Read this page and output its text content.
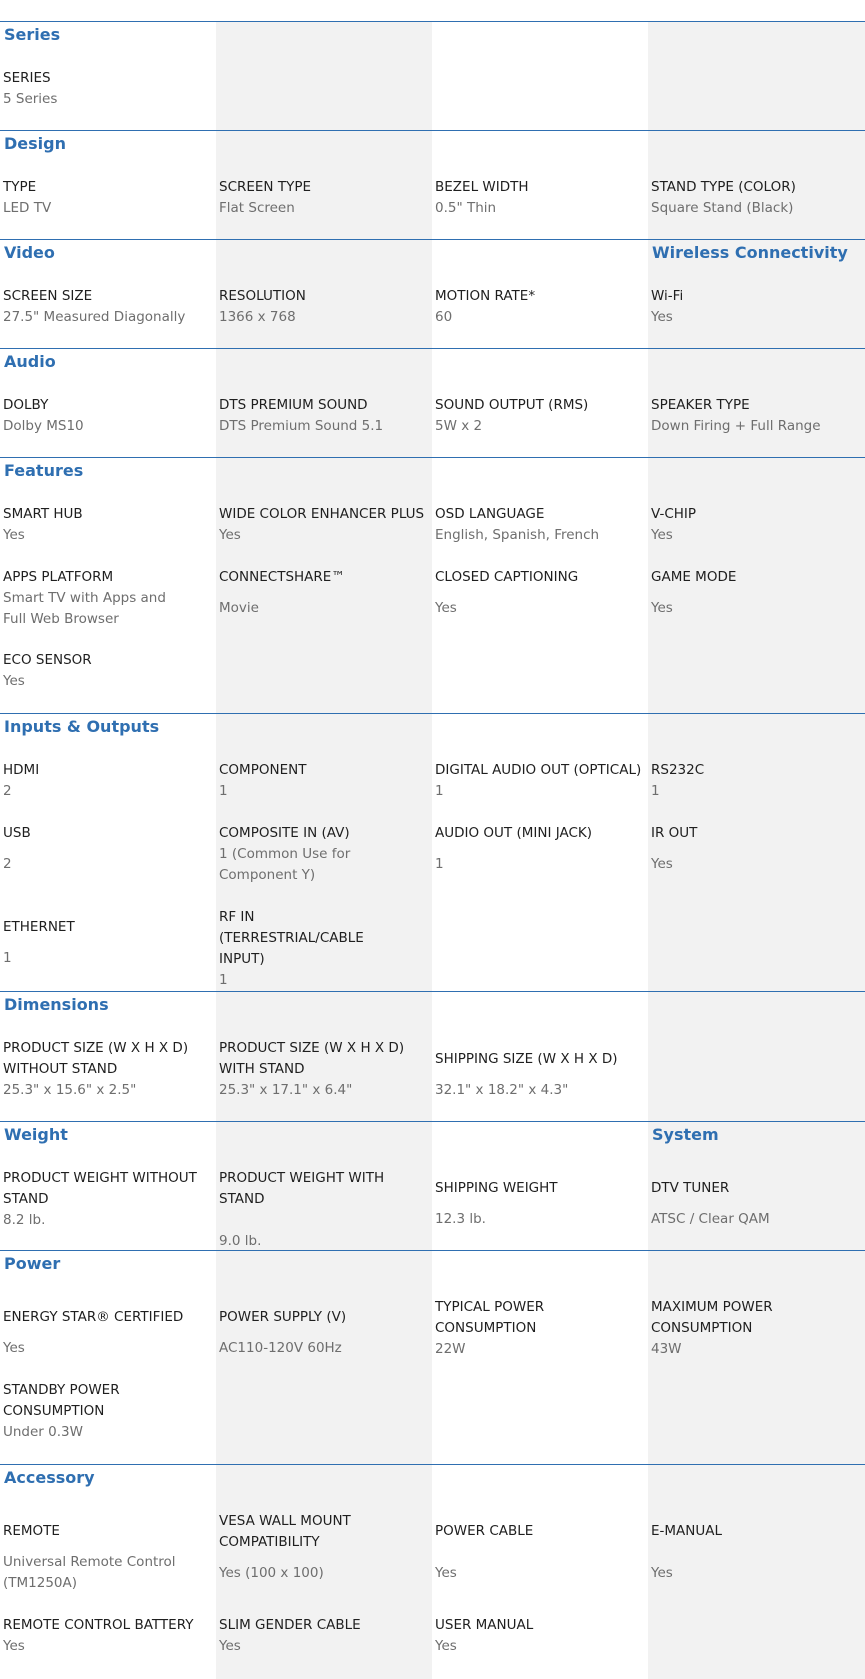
Series
SERIES
5 Series
Design
TYPE
LED TV
SCREEN TYPE
Flat Screen
BEZEL WIDTH
0.5" Thin
STAND TYPE (COLOR)
Square Stand (Black)
Video	Wireless Connectivity
SCREEN SIZE
27.5" Measured Diagonally
RESOLUTION
1366 x 768
MOTION RATE*
60
Wi-Fi
Yes
Audio
DOLBY
Dolby MS10
DTS PREMIUM SOUND
DTS Premium Sound 5.1
SOUND OUTPUT (RMS)
5W x 2
SPEAKER TYPE
Down Firing + Full Range
Features
SMART HUB
Yes
WIDE COLOR ENHANCER PLUS
Yes
OSD LANGUAGE
English, Spanish, French
V-CHIP
Yes
APPS PLATFORM
Smart TV with Apps and Full Web Browser
CONNECTSHARE™
Movie
CLOSED CAPTIONING
Yes
GAME MODE
Yes
ECO SENSOR
Yes
Inputs & Outputs
HDMI
2
COMPONENT
1
DIGITAL AUDIO OUT (OPTICAL)
1
RS232C
1
USB
2
COMPOSITE IN (AV)
1 (Common Use for Component Y)
AUDIO OUT (MINI JACK)
1
IR OUT
Yes
ETHERNET
1
RF IN (TERRESTRIAL/CABLE INPUT)
1
Dimensions
PRODUCT SIZE (W X H X D) WITHOUT STAND
25.3" x 15.6" x 2.5"
PRODUCT SIZE (W X H X D) WITH STAND
25.3" x 17.1" x 6.4"
SHIPPING SIZE (W X H X D)
32.1" x 18.2" x 4.3"
Weight	System
PRODUCT WEIGHT WITHOUT STAND
8.2 lb.
PRODUCT WEIGHT WITH STAND
9.0 lb.
SHIPPING WEIGHT
12.3 lb.
DTV TUNER
ATSC / Clear QAM
Power
ENERGY STAR® CERTIFIED
Yes
POWER SUPPLY (V)
AC110-120V 60Hz
TYPICAL POWER CONSUMPTION
22W
MAXIMUM POWER CONSUMPTION
43W
STANDBY POWER CONSUMPTION
Under 0.3W
Accessory
REMOTE
Universal Remote Control (TM1250A)
VESA WALL MOUNT COMPATIBILITY
Yes (100 x 100)
POWER CABLE
Yes
E-MANUAL
Yes
REMOTE CONTROL BATTERY
Yes
SLIM GENDER CABLE
Yes
USER MANUAL
Yes
